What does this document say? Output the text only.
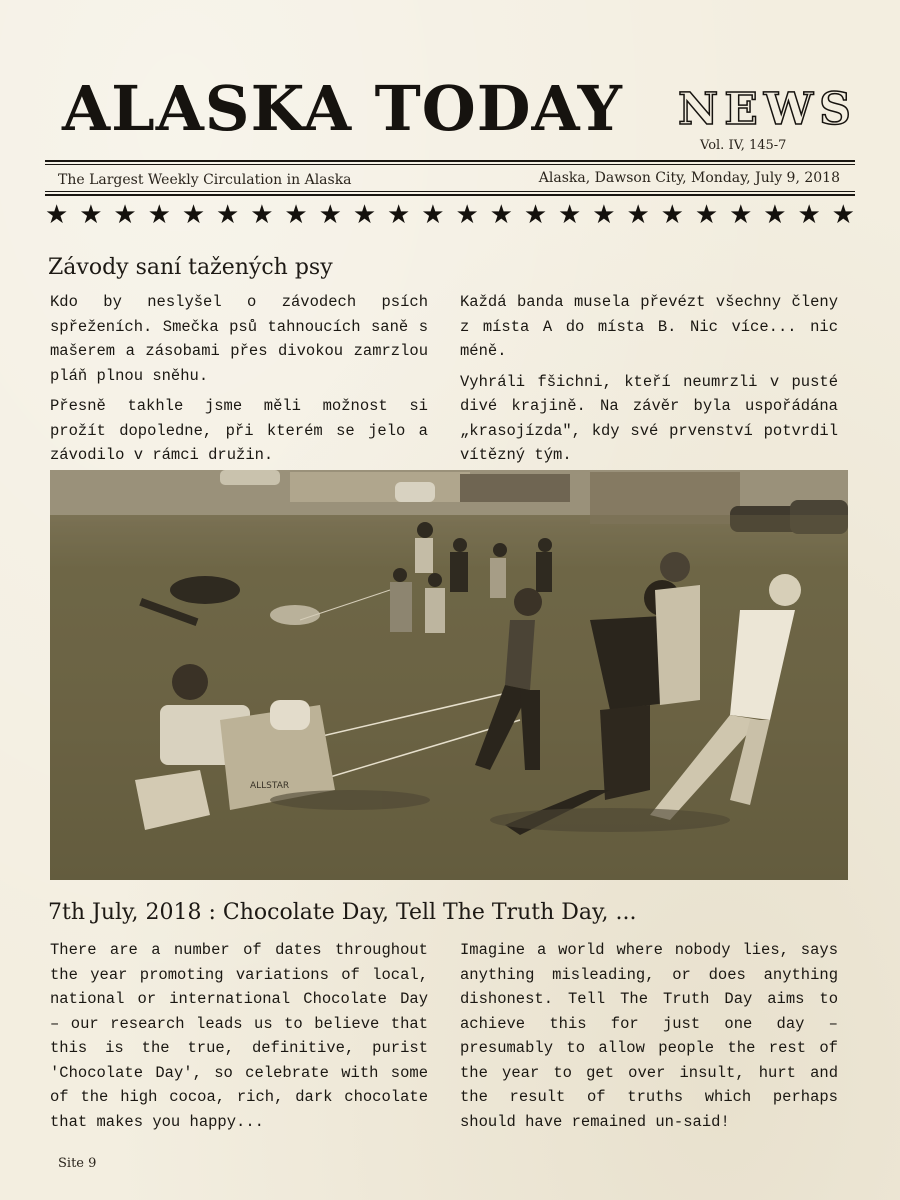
ALASKA TODAY	NEWS
Vol. IV, 145-7
The Largest Weekly Circulation in Alaska	Alaska, Dawson City, Monday, July 9, 2018
★ ★ ★ ★ ★ ★ ★ ★ ★ ★ ★ ★ ★ ★ ★ ★ ★ ★ ★ ★ ★ ★ ★ ★
Závody saní tažených psy

Kdo by neslyšel o závodech psích spřeženích. Smečka psů tahnoucích saně s mašerem a zásobami přes divokou zamrzlou pláň plnou sněhu.

Přesně takhle jsme měli možnost si prožít dopoledne, při kterém se jelo a závodilo v rámci družin.

Každá banda musela převézt všechny členy z místa A do místa B. Nic více... nic méně.

Vyhráli fšichni, kteří neumrzli v pusté divé krajině. Na závěr byla uspořádána „krasojízda", kdy své prvenství potvrdil vítězný tým.

ALLSTAR
7th July, 2018 : Chocolate Day, Tell The Truth Day, ...

There are a number of dates throughout the year promoting variations of local, national or international Chocolate Day – our research leads us to believe that this is the true, definitive, purist 'Chocolate Day', so celebrate with some of the high cocoa, rich, dark chocolate that makes you happy...

Imagine a world where nobody lies, says anything misleading, or does anything dishonest. Tell The Truth Day aims to achieve this for just one day – presumably to allow people the rest of the year to get over insult, hurt and the result of truths which perhaps should have remained un-said!

Site 9
